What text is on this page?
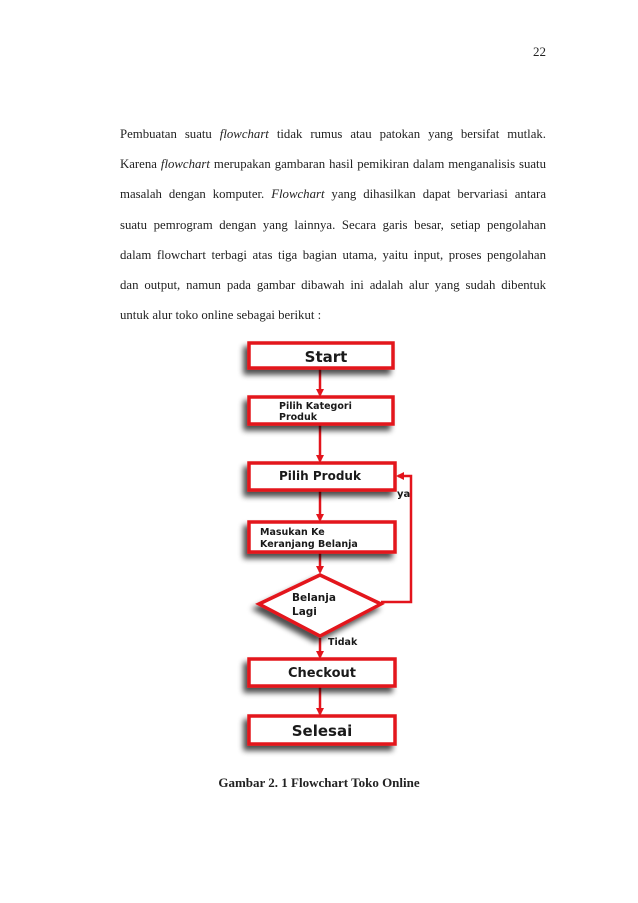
22
Pembuatan suatu flowchart tidak rumus atau patokan yang bersifat mutlak.
Karena flowchart merupakan gambaran hasil pemikiran dalam menganalisis suatu
masalah dengan komputer. Flowchart yang dihasilkan dapat bervariasi antara
suatu pemrogram dengan yang lainnya. Secara garis besar, setiap pengolahan
dalam flowchart terbagi atas tiga bagian utama, yaitu input, proses pengolahan
dan output, namun pada gambar dibawah ini adalah alur yang sudah dibentuk
untuk alur toko online sebagai berikut :
Start
Pilih Kategori
Produk
Pilih Produk
ya
Masukan Ke
Keranjang Belanja
Belanja
Lagi
Tidak
Checkout
Selesai
Gambar 2. 1 Flowchart Toko Online
